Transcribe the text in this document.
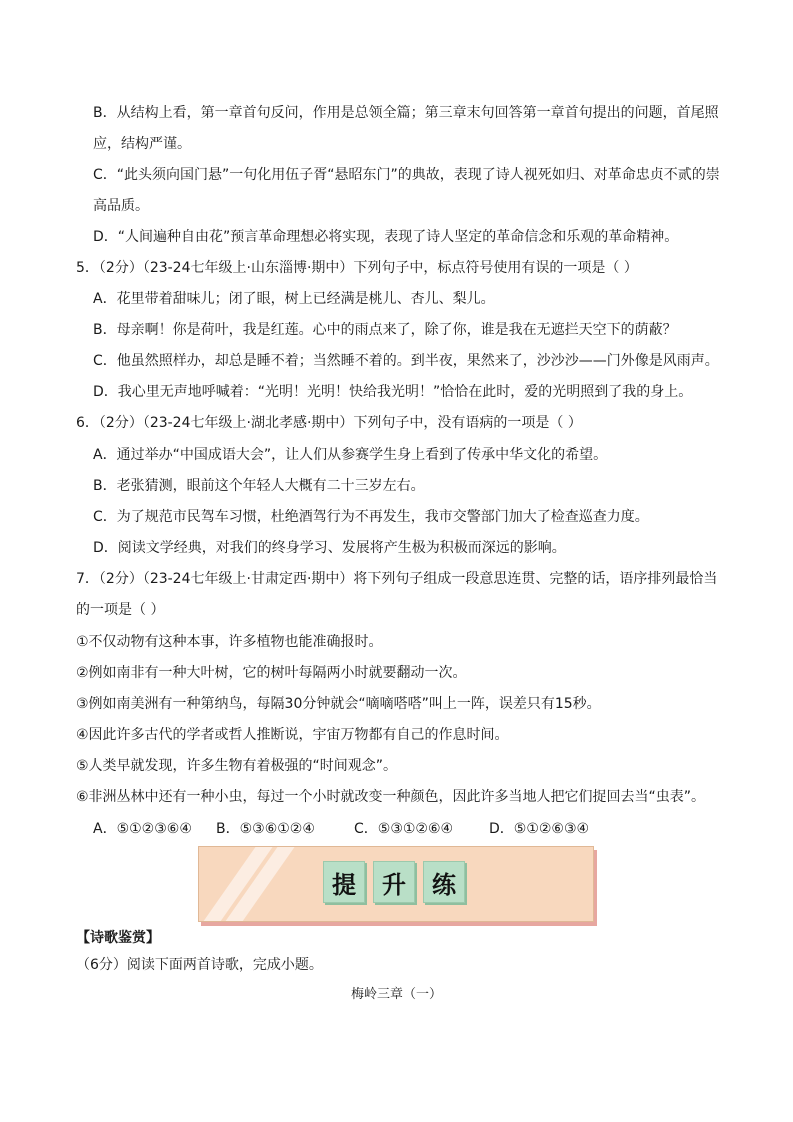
B．从结构上看，第一章首句反问，作用是总领全篇；第三章末句回答第一章首句提出的问题，首尾照
应，结构严谨。
C．“此头须向国门悬”一句化用伍子胥“悬昭东门”的典故，表现了诗人视死如归、对革命忠贞不贰的崇
高品质。
D．“人间遍种自由花”预言革命理想必将实现，表现了诗人坚定的革命信念和乐观的革命精神。
5．（2分）（23-24七年级上·山东淄博·期中）下列句子中，标点符号使用有误的一项是（ ）
A．花里带着甜味儿；闭了眼，树上已经满是桃儿、杏儿、梨儿。
B．母亲啊！你是荷叶，我是红莲。心中的雨点来了，除了你，谁是我在无遮拦天空下的荫蔽？
C．他虽然照样办，却总是睡不着；当然睡不着的。到半夜，果然来了，沙沙沙——门外像是风雨声。
D．我心里无声地呼喊着：“光明！光明！快给我光明！”恰恰在此时，爱的光明照到了我的身上。
6．（2分）（23-24七年级上·湖北孝感·期中）下列句子中，没有语病的一项是（ ）
A．通过举办“中国成语大会”，让人们从参赛学生身上看到了传承中华文化的希望。
B．老张猜测，眼前这个年轻人大概有二十三岁左右。
C．为了规范市民驾车习惯，杜绝酒驾行为不再发生，我市交警部门加大了检查巡查力度。
D．阅读文学经典，对我们的终身学习、发展将产生极为积极而深远的影响。
7．（2分）（23-24七年级上·甘肃定西·期中）将下列句子组成一段意思连贯、完整的话，语序排列最恰当
的一项是（ ）
①不仅动物有这种本事，许多植物也能准确报时。
②例如南非有一种大叶树，它的树叶每隔两小时就要翻动一次。
③例如南美洲有一种第纳鸟，每隔30分钟就会“嘀嘀嗒嗒”叫上一阵，误差只有15秒。
④因此许多古代的学者或哲人推断说，宇宙万物都有自己的作息时间。
⑤人类早就发现，许多生物有着极强的“时间观念”。
⑥非洲丛林中还有一种小虫，每过一个小时就改变一种颜色，因此许多当地人把它们捉回去当“虫表”。
A．⑤①②③⑥④	B．⑤③⑥①②④	C．⑤③①②⑥④	D．⑤①②⑥③④
提	升	练
【诗歌鉴赏】
（6分）阅读下面两首诗歌，完成小题。
梅岭三章（一）
